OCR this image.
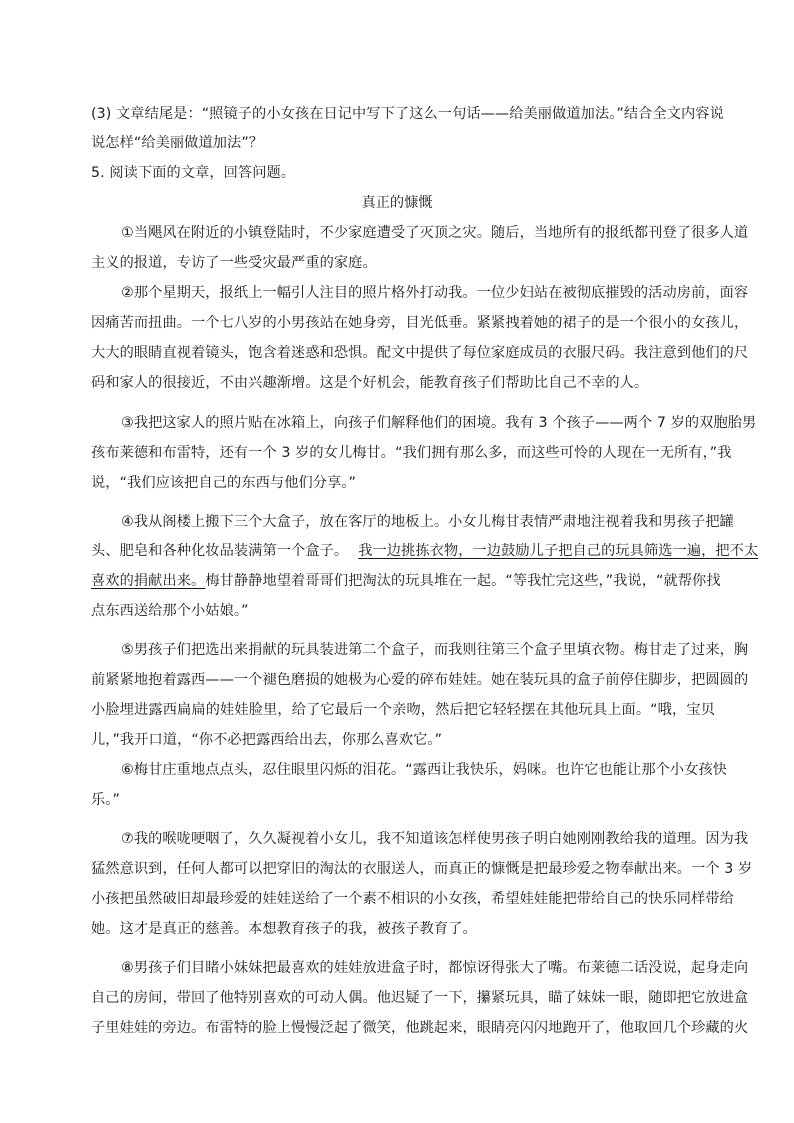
(3) 文章结尾是：“照镜子的小女孩在日记中写下了这么一句话——给美丽做道加法。”结合全文内容说
说怎样“给美丽做道加法”？
5. 阅读下面的文章，回答问题。
真正的慷慨
①当飓风在附近的小镇登陆时，不少家庭遭受了灭顶之灾。随后，当地所有的报纸都刊登了很多人道
主义的报道，专访了一些受灾最严重的家庭。
②那个星期天，报纸上一幅引人注目的照片格外打动我。一位少妇站在被彻底摧毁的活动房前，面容
因痛苦而扭曲。一个七八岁的小男孩站在她身旁，目光低垂。紧紧拽着她的裙子的是一个很小的女孩儿，
大大的眼睛直视着镜头，饱含着迷惑和恐惧。配文中提供了每位家庭成员的衣服尺码。我注意到他们的尺
码和家人的很接近，不由兴趣渐增。这是个好机会，能教育孩子们帮助比自己不幸的人。
③我把这家人的照片贴在冰箱上，向孩子们解释他们的困境。我有 3 个孩子——两个 7 岁的双胞胎男
孩布莱德和布雷特，还有一个 3 岁的女儿梅甘。“我们拥有那么多，而这些可怜的人现在一无所有，”我
说，“我们应该把自己的东西与他们分享。”
④我从阁楼上搬下三个大盒子，放在客厅的地板上。小女儿梅甘表情严肃地注视着我和男孩子把罐
头、肥皂和各种化妆品装满第一个盒子。 我一边挑拣衣物，一边鼓励儿子把自己的玩具筛选一遍，把不太
喜欢的捐献出来。梅甘静静地望着哥哥们把淘汰的玩具堆在一起。“等我忙完这些，”我说，“就帮你找
点东西送给那个小姑娘。”
⑤男孩子们把选出来捐献的玩具装进第二个盒子，而我则往第三个盒子里填衣物。梅甘走了过来，胸
前紧紧地抱着露西——一个褪色磨损的她极为心爱的碎布娃娃。她在装玩具的盒子前停住脚步，把圆圆的
小脸埋进露西扁扁的娃娃脸里，给了它最后一个亲吻，然后把它轻轻摆在其他玩具上面。“哦，宝贝
儿，”我开口道，“你不必把露西给出去，你那么喜欢它。”
⑥梅甘庄重地点点头，忍住眼里闪烁的泪花。“露西让我快乐，妈咪。也许它也能让那个小女孩快
乐。”
⑦我的喉咙哽咽了，久久凝视着小女儿，我不知道该怎样使男孩子明白她刚刚教给我的道理。因为我
猛然意识到，任何人都可以把穿旧的淘汰的衣服送人，而真正的慷慨是把最珍爱之物奉献出来。一个 3 岁
小孩把虽然破旧却最珍爱的娃娃送给了一个素不相识的小女孩，希望娃娃能把带给自己的快乐同样带给
她。这才是真正的慈善。本想教育孩子的我，被孩子教育了。
⑧男孩子们目睹小妹妹把最喜欢的娃娃放进盒子时，都惊讶得张大了嘴。布莱德二话没说，起身走向
自己的房间，带回了他特别喜欢的可动人偶。他迟疑了一下，攥紧玩具，瞄了妹妹一眼，随即把它放进盒
子里娃娃的旁边。布雷特的脸上慢慢泛起了微笑，他跳起来，眼睛亮闪闪地跑开了，他取回几个珍藏的火
